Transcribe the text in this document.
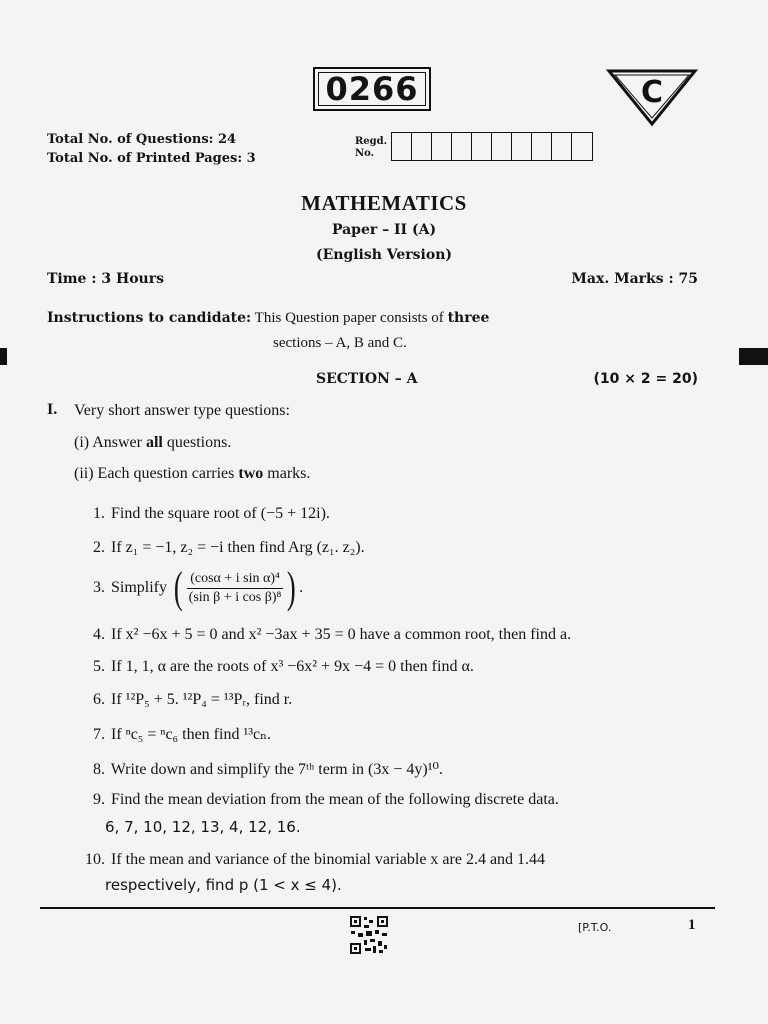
0266	C
Total No. of Questions: 24
Total No. of Printed Pages: 3
Regd.
No.
MATHEMATICS
Paper – II (A)
(English Version)
Time : 3 Hours	Max. Marks : 75
Instructions to candidate: This Question paper consists of three
sections – A, B and C.
SECTION – A	(10 × 2 = 20)
I. Very short answer type questions:
(i) Answer all questions.
(ii) Each question carries two marks.
1. Find the square root of (−5 + 12i).
2. If z₁ = −1, z₂ = −i then find Arg (z₁. z₂).
3. Simplify ( $\frac{\text{(cosα + i sin α)⁴}}{\text{(sin β + i cos β)⁸}}$ ) .
4. If x² −6x + 5 = 0 and x² −3ax + 35 = 0 have a common root, then find a.
5. If 1, 1, α are the roots of x³ −6x² + 9x −4 = 0 then find α.
6. If ¹²P₅ + 5. ¹²P₄ = ¹³Pᵣ, find r.
7. If ⁿc₅ = ⁿc₆ then find ¹³cₙ.
8. Write down and simplify the 7ᵗʰ term in (3x − 4y)¹⁰.
9. Find the mean deviation from the mean of the following discrete data.
6, 7, 10, 12, 13, 4, 12, 16.
10. If the mean and variance of the binomial variable x are 2.4 and 1.44
respectively, find p (1 < x ≤ 4).
[P.T.O.	1
